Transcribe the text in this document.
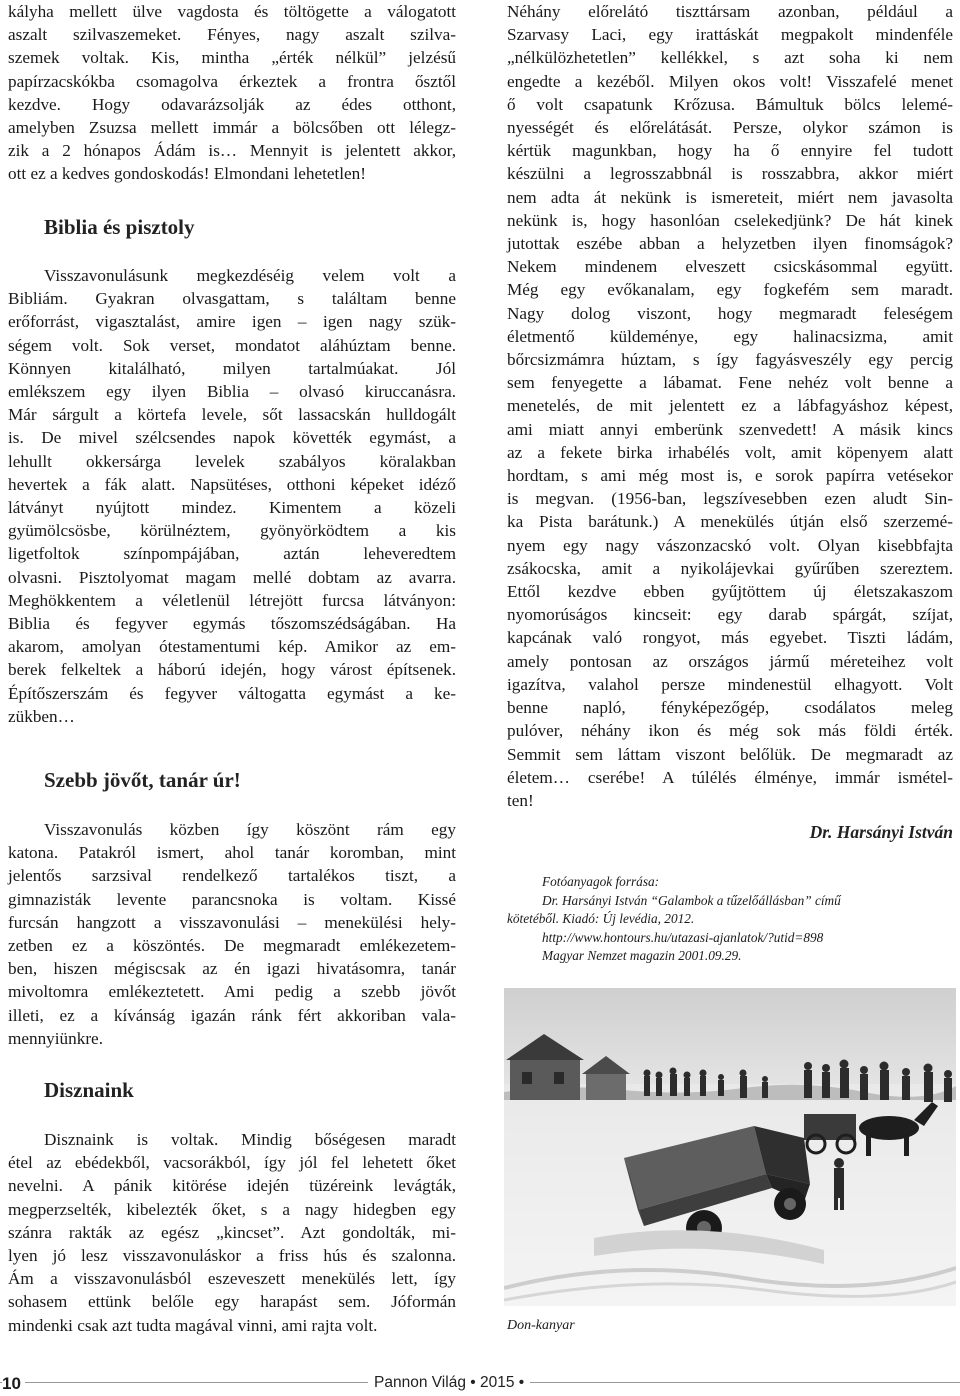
kályha mellett ülve vagdosta és töltögette a válogatott
aszalt szilvaszemeket. Fényes, nagy aszalt szilva-
szemek voltak. Kis, mintha „érték nélkül” jelzésű
papírzacskókba csomagolva érkeztek a frontra ősztől
kezdve. Hogy odavarázsolják az édes otthont,
amelyben Zsuzsa mellett immár a bölcsőben ott lélegz-
zik a 2 hónapos Ádám is… Mennyit is jelentett akkor,
ott ez a kedves gondoskodás! Elmondani lehetetlen!

Biblia és pisztoly

Visszavonulásunk megkezdéséig velem volt a
Bibliám. Gyakran olvasgattam, s találtam benne
erőforrást, vigasztalást, amire igen – igen nagy szük-
ségem volt. Sok verset, mondatot aláhúztam benne.
Könnyen kitalálható, milyen tartalmúakat. Jól
emlékszem egy ilyen Biblia – olvasó kiruccanásra.
Már sárgult a körtefa levele, sőt lassacskán hulldogált
is. De mivel szélcsendes napok követték egymást, a
lehullt okkersárga levelek szabályos köralakban
hevertek a fák alatt. Napsütéses, otthoni képeket idéző
látványt nyújtott mindez. Kimentem a közeli
gyümölcsösbe, körülnéztem, gyönyörködtem a kis
ligetfoltok színpompájában, aztán leheveredtem
olvasni. Pisztolyomat magam mellé dobtam az avarra.
Meghökkentem a véletlenül létrejött furcsa látványon:
Biblia és fegyver egymás tőszomszédságában. Ha
akarom, amolyan ótestamentumi kép. Amikor az em-
berek felkeltek a háború idején, hogy várost építsenek.
Építőszerszám és fegyver váltogatta egymást a ke-
zükben…

Szebb jövőt, tanár úr!

Visszavonulás közben így köszönt rám egy
katona. Patakról ismert, ahol tanár koromban, mint
jelentős sarzsival rendelkező tartalékos tiszt, a
gimnazisták levente parancsnoka is voltam. Kissé
furcsán hangzott a visszavonulási – menekülési hely-
zetben ez a köszöntés. De megmaradt emlékezetem-
ben, hiszen mégiscsak az én igazi hivatásomra, tanár
mivoltomra emlékeztetett. Ami pedig a szebb jövőt
illeti, ez a kívánság igazán ránk fért akkoriban vala-
mennyiünkre.

Disznaink

Disznaink is voltak. Mindig bőségesen maradt
étel az ebédekből, vacsorákból, így jól fel lehetett őket
nevelni. A pánik kitörése idején tüzéreink levágták,
megperzselték, kibelezték őket, s a nagy hidegben egy
szánra rakták az egész „kincset”. Azt gondolták, mi-
lyen jó lesz visszavonuláskor a friss hús és szalonna.
Ám a visszavonulásból eszeveszett menekülés lett, így
sohasem ettünk belőle egy harapást sem. Jóformán
mindenki csak azt tudta magával vinni, ami rajta volt.

Néhány előrelátó tiszttársam azonban, például a
Szarvasy Laci, egy irattáskát megpakolt mindenféle
„nélkülözhetetlen” kellékkel, s azt soha ki nem
engedte a kezéből. Milyen okos volt! Visszafelé menet
ő volt csapatunk Krőzusa. Bámultuk bölcs lelemé-
nyességét és előrelátását. Persze, olykor számon is
kértük magunkban, hogy ha ő ennyire fel tudott
készülni a legrosszabbnál is rosszabbra, akkor miért
nem adta át nekünk is ismereteit, miért nem javasolta
nekünk is, hogy hasonlóan cselekedjünk? De hát kinek
jutottak eszébe abban a helyzetben ilyen finomságok?
Nekem mindenem elveszett csicskásommal együtt.
Még egy evőkanalam, egy fogkefém sem maradt.
Nagy dolog viszont, hogy megmaradt feleségem
életmentő küldeménye, egy halinacsizma, amit
bőrcsizmámra húztam, s így fagyásveszély egy percig
sem fenyegette a lábamat. Fene nehéz volt benne a
menetelés, de mit jelentett ez a lábfagyáshoz képest,
ami miatt annyi emberünk szenvedett! A másik kincs
az a fekete birka irhabélés volt, amit köpenyem alatt
hordtam, s ami még most is, e sorok papírra vetésekor
is megvan. (1956-ban, legszívesebben ezen aludt Sin-
ka Pista barátunk.) A menekülés útján első szerzemé-
nyem egy nagy vászonzacskó volt. Olyan kisebbfajta
zsákocska, amit a nyikolájevkai gyűrűben szereztem.
Ettől kezdve ebben gyűjtöttem új életszakaszom
nyomorúságos kincseit: egy darab spárgát, szíjat,
kapcának való rongyot, más egyebet. Tiszti ládám,
amely pontosan az országos jármű méreteihez volt
igazítva, valahol persze mindenestül elhagyott. Volt
benne napló, fényképezőgép, csodálatos meleg
pulóver, néhány ikon és még sok más földi érték.
Semmit sem láttam viszont belőlük. De megmaradt az
életem… cserébe! A túlélés élménye, immár ismétel-
ten!

Dr. Harsányi István
Fotóanyagok forrása:
Dr. Harsányi István “Galambok a tűzelőállásban” című
kötetéből. Kiadó: Új levédia, 2012.
http://www.hontours.hu/utazasi-ajanlatok/?utid=898
Magyar Nemzet magazin 2001.09.29.
Don-kanyar
10	Pannon Világ • 2015 •
